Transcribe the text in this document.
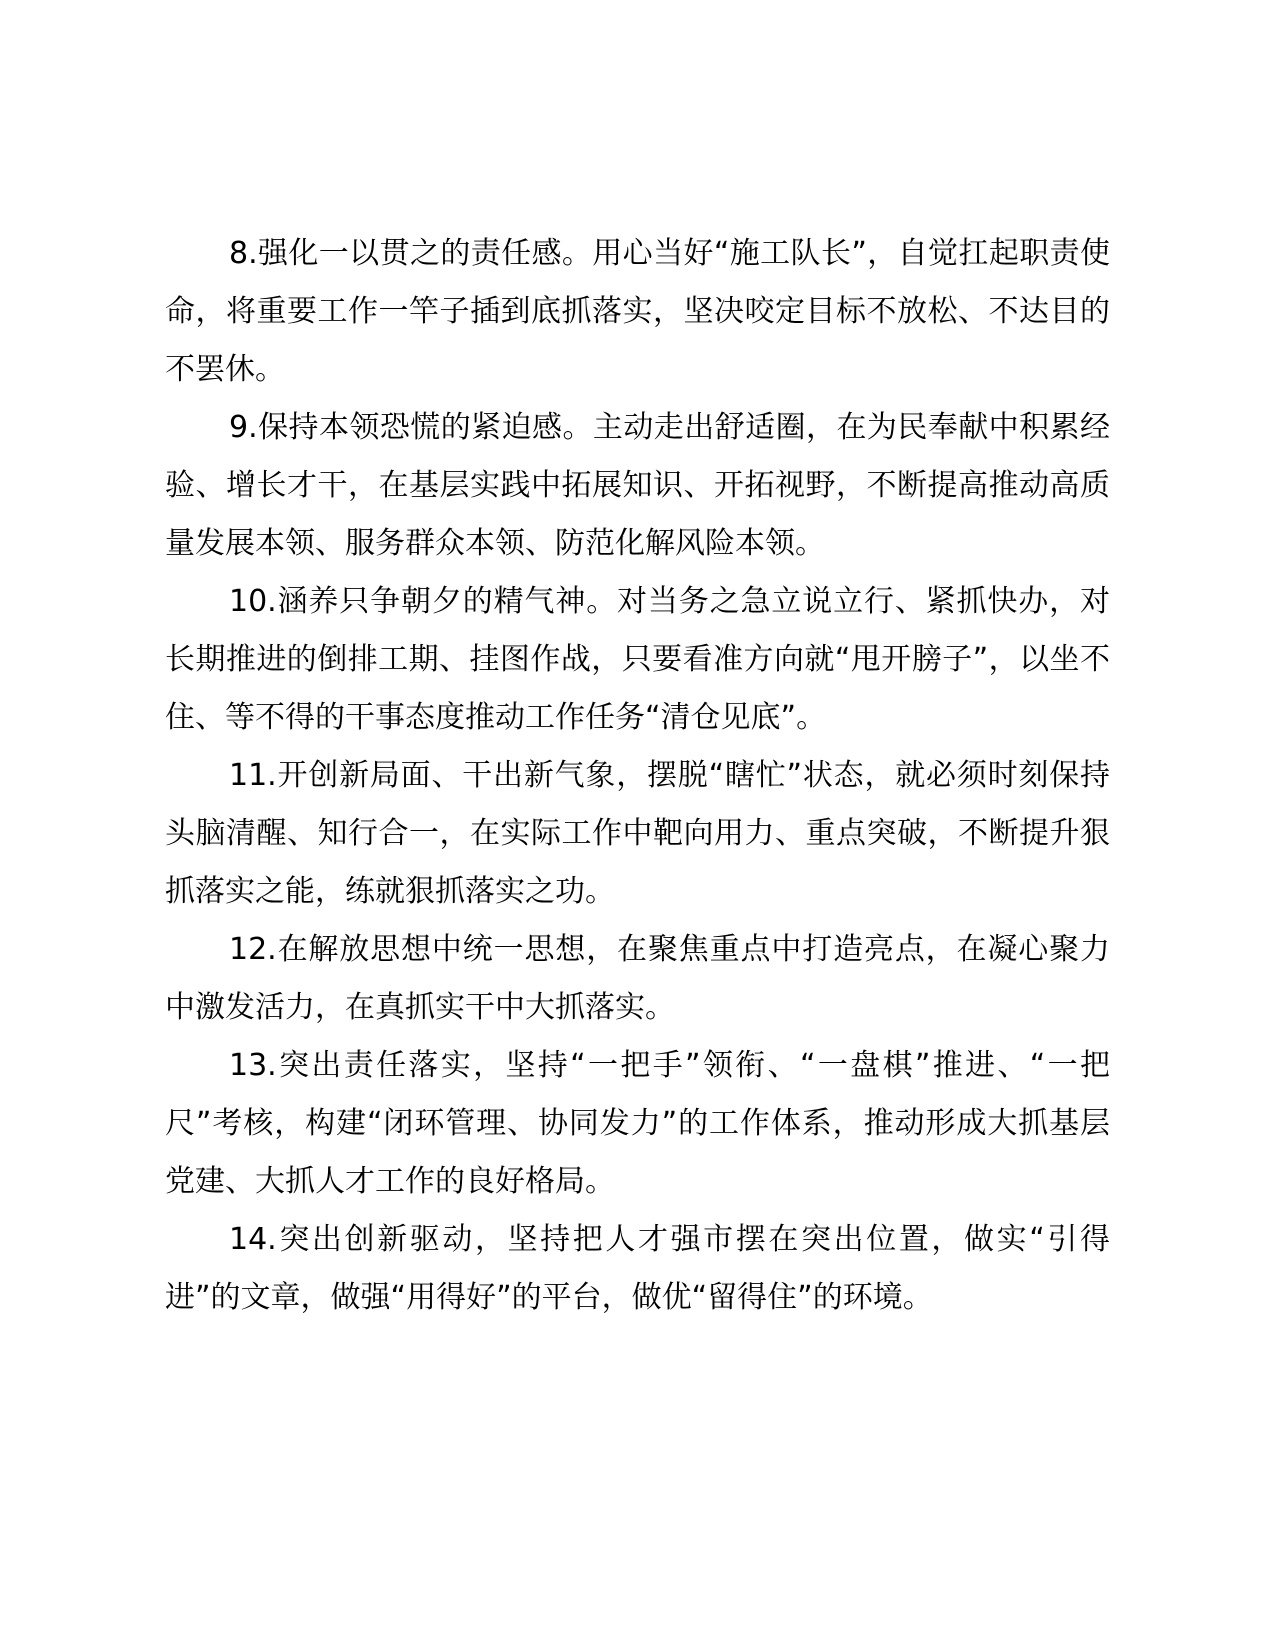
8.强化一以贯之的责任感。用心当好“施工队长”，自觉扛起职责使命，将重要工作一竿子插到底抓落实，坚决咬定目标不放松、不达目的不罢休。

9.保持本领恐慌的紧迫感。主动走出舒适圈，在为民奉献中积累经验、增长才干，在基层实践中拓展知识、开拓视野，不断提高推动高质量发展本领、服务群众本领、防范化解风险本领。

10.涵养只争朝夕的精气神。对当务之急立说立行、紧抓快办，对长期推进的倒排工期、挂图作战，只要看准方向就“甩开膀子”，以坐不住、等不得的干事态度推动工作任务“清仓见底”。

11.开创新局面、干出新气象，摆脱“瞎忙”状态，就必须时刻保持头脑清醒、知行合一，在实际工作中靶向用力、重点突破，不断提升狠抓落实之能，练就狠抓落实之功。

12.在解放思想中统一思想，在聚焦重点中打造亮点，在凝心聚力中激发活力，在真抓实干中大抓落实。

13.突出责任落实，坚持“一把手”领衔、“一盘棋”推进、“一把尺”考核，构建“闭环管理、协同发力”的工作体系，推动形成大抓基层党建、大抓人才工作的良好格局。

14.突出创新驱动，坚持把人才强市摆在突出位置，做实“引得进”的文章，做强“用得好”的平台，做优“留得住”的环境。
